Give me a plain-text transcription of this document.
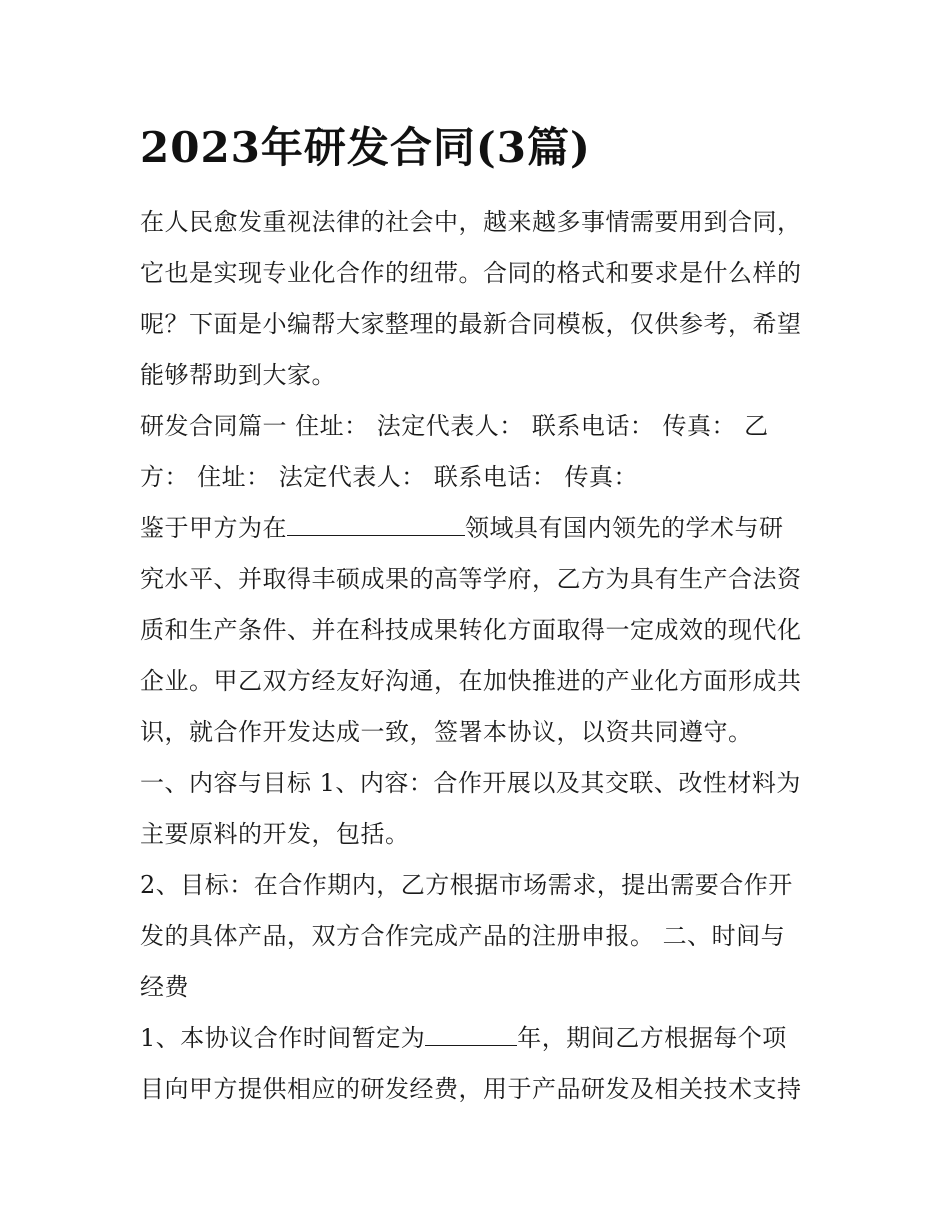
2023年研发合同(3篇)
在人民愈发重视法律的社会中，越来越多事情需要用到合同，
它也是实现专业化合作的纽带。合同的格式和要求是什么样的
呢？下面是小编帮大家整理的最新合同模板，仅供参考，希望
能够帮助到大家。
研发合同篇一 住址： 法定代表人： 联系电话： 传真： 乙
方： 住址： 法定代表人： 联系电话： 传真：
鉴于甲方为在	领域具有国内领先的学术与研
究水平、并取得丰硕成果的高等学府，乙方为具有生产合法资
质和生产条件、并在科技成果转化方面取得一定成效的现代化
企业。甲乙双方经友好沟通，在加快推进的产业化方面形成共
识，就合作开发达成一致，签署本协议，以资共同遵守。
一、内容与目标 1、内容：合作开展以及其交联、改性材料为
主要原料的开发，包括。
2、目标：在合作期内，乙方根据市场需求，提出需要合作开
发的具体产品，双方合作完成产品的注册申报。 二、时间与
经费
1、本协议合作时间暂定为	年，期间乙方根据每个项
目向甲方提供相应的研发经费，用于产品研发及相关技术支持
